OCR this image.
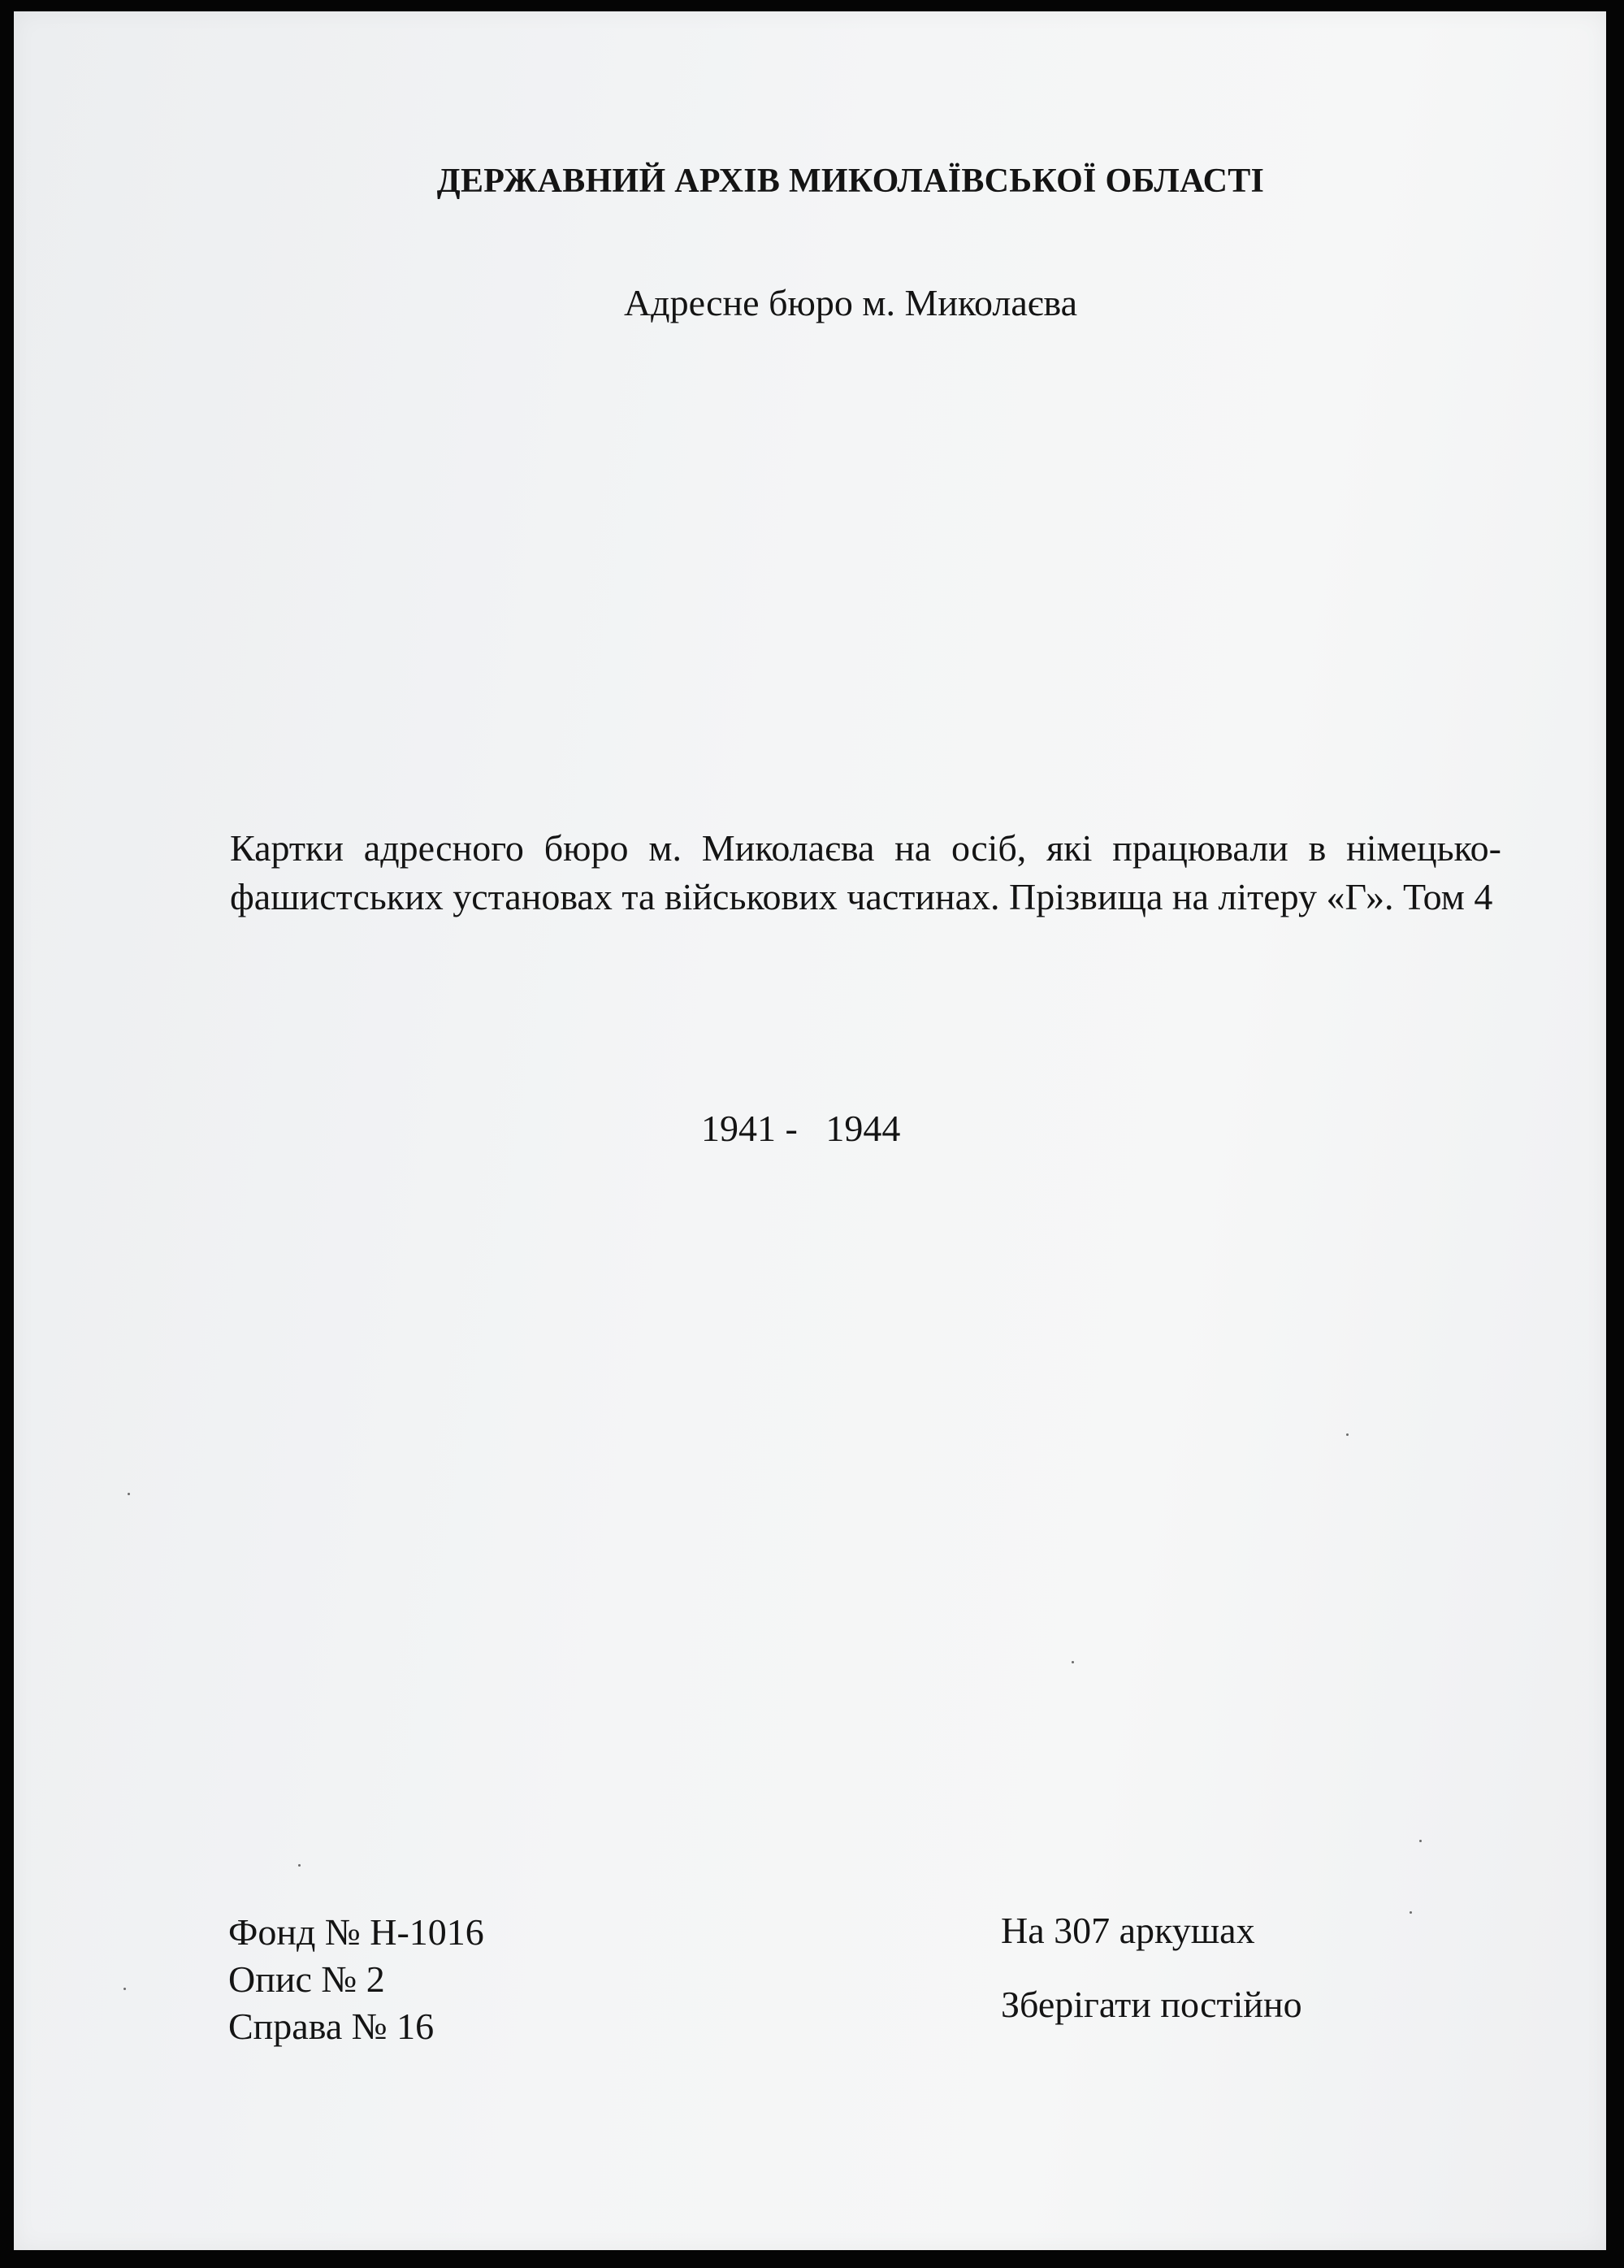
ДЕРЖАВНИЙ АРХІВ МИКОЛАЇВСЬКОЇ ОБЛАСТІ
Адресне бюро м. Миколаєва
Картки адресного бюро м. Миколаєва на осіб, які працювали в німецько-фашистських установах та військових частинах. Прізвища на літеру «Г». Том 4
1941 -   1944
Фонд № Н-1016
Опис № 2
Справа № 16
На 307 аркушах
Зберігати постійно
